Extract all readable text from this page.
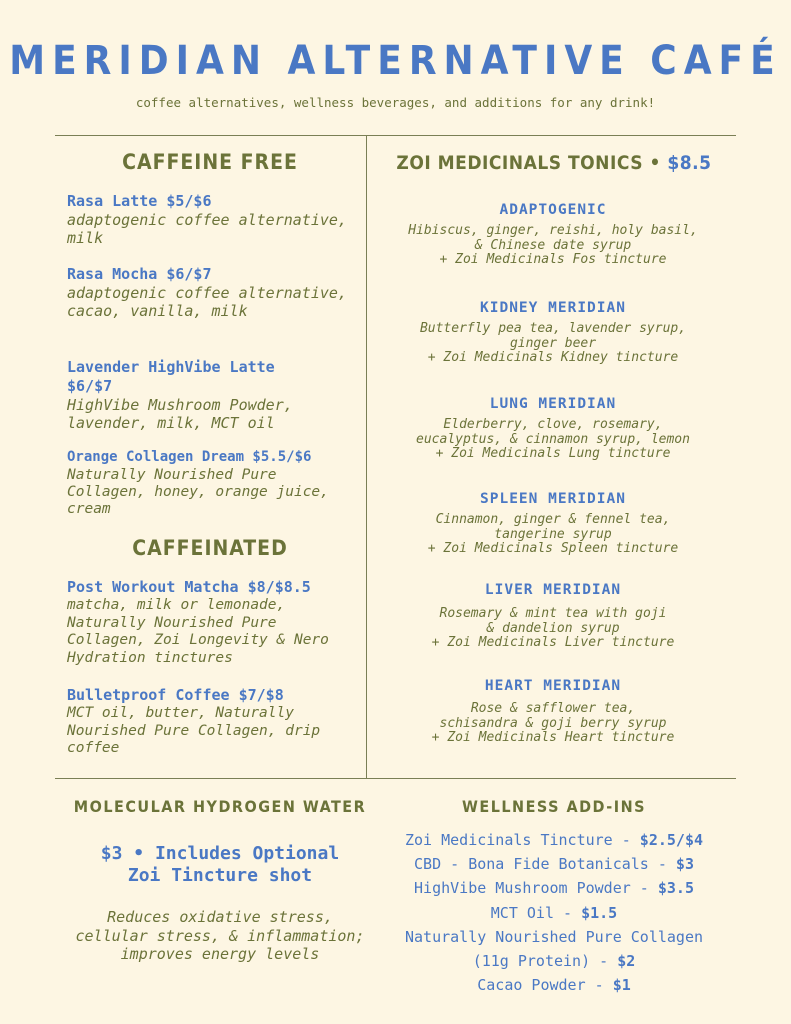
MERIDIAN ALTERNATIVE CAFÉ
coffee alternatives, wellness beverages, and additions for any drink!
CAFFEINE FREE
Rasa Latte $5/$6
adaptogenic coffee alternative, milk
Rasa Mocha $6/$7
adaptogenic coffee alternative, cacao, vanilla, milk
Lavender HighVibe Latte $6/$7
HighVibe Mushroom Powder, lavender, milk, MCT oil
Orange Collagen Dream $5.5/$6
Naturally Nourished Pure Collagen, honey, orange juice, cream
CAFFEINATED
Post Workout Matcha $8/$8.5
matcha, milk or lemonade, Naturally Nourished Pure Collagen, Zoi Longevity & Nero Hydration tinctures
Bulletproof Coffee $7/$8
MCT oil, butter, Naturally Nourished Pure Collagen, drip coffee
ZOI MEDICINALS TONICS • $8.5
ADAPTOGENIC
Hibiscus, ginger, reishi, holy basil,
& Chinese date syrup
+ Zoi Medicinals Fos tincture
KIDNEY MERIDIAN
Butterfly pea tea, lavender syrup,
ginger beer
+ Zoi Medicinals Kidney tincture
LUNG MERIDIAN
Elderberry, clove, rosemary,
eucalyptus, & cinnamon syrup, lemon
+ Zoi Medicinals Lung tincture
SPLEEN MERIDIAN
Cinnamon, ginger & fennel tea,
tangerine syrup
+ Zoi Medicinals Spleen tincture
LIVER MERIDIAN
Rosemary & mint tea with goji
& dandelion syrup
+ Zoi Medicinals Liver tincture
HEART MERIDIAN
Rose & safflower tea,
schisandra & goji berry syrup
+ Zoi Medicinals Heart tincture
MOLECULAR HYDROGEN WATER
$3 • Includes Optional
Zoi Tincture shot
Reduces oxidative stress, cellular stress, & inflammation; improves energy levels
WELLNESS ADD-INS
Zoi Medicinals Tincture - $2.5/$4
CBD - Bona Fide Botanicals - $3
HighVibe Mushroom Powder - $3.5
MCT Oil - $1.5
Naturally Nourished Pure Collagen
(11g Protein) - $2
Cacao Powder - $1
